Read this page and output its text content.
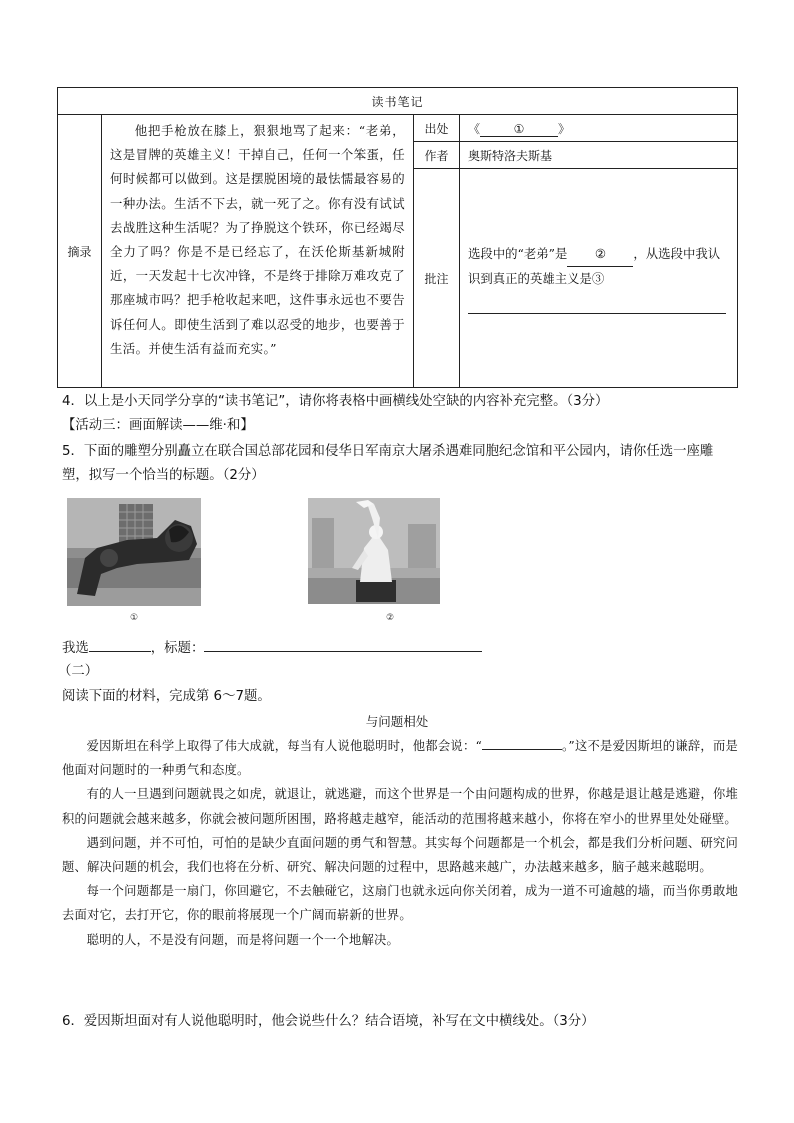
读书笔记			
摘录	他把手枪放在膝上，狠狠地骂了起来：“老弟，这是冒牌的英雄主义！干掉自己，任何一个笨蛋，任何时候都可以做到。这是摆脱困境的最怯懦最容易的一种办法。生活不下去，就一死了之。你有没有试试去战胜这种生活呢？为了挣脱这个铁环，你已经竭尽全力了吗？你是不是已经忘了，在沃伦斯基新城附近，一天发起十七次冲锋，不是终于排除万难攻克了那座城市吗？把手枪收起来吧，这件事永远也不要告诉任何人。即使生活到了难以忍受的地步，也要善于生活。并使生活有益而充实。”	出处	《 ① 》
		作者	奥斯特洛夫斯基
		批注	选段中的“老弟”是 ② ，从选段中我认识到真正的英雄主义是③
4．以上是小天同学分享的“读书笔记”，请你将表格中画横线处空缺的内容补充完整。（3分）
【活动三：画面解读——维·和】
5．下面的雕塑分别矗立在联合国总部花园和侵华日军南京大屠杀遇难同胞纪念馆和平公园内，请你任选一座雕塑，拟写一个恰当的标题。（2分）
①	②
我选	，标题：
（二）
阅读下面的材料，完成第 6～7题。
与问题相处

爱因斯坦在科学上取得了伟大成就，每当有人说他聪明时，他都会说：“	。”这不是爱因斯坦的谦辞，而是他面对问题时的一种勇气和态度。

有的人一旦遇到问题就畏之如虎，就退让，就逃避，而这个世界是一个由问题构成的世界，你越是退让越是逃避，你堆积的问题就会越来越多，你就会被问题所困围，路将越走越窄，能活动的范围将越来越小，你将在窄小的世界里处处碰壁。

遇到问题，并不可怕，可怕的是缺少直面问题的勇气和智慧。其实每个问题都是一个机会，都是我们分析问题、研究问题、解决问题的机会，我们也将在分析、研究、解决问题的过程中，思路越来越广，办法越来越多，脑子越来越聪明。

每一个问题都是一扇门，你回避它，不去触碰它，这扇门也就永远向你关闭着，成为一道不可逾越的墙，而当你勇敢地去面对它，去打开它，你的眼前将展现一个广阔而崭新的世界。

聪明的人，不是没有问题，而是将问题一个一个地解决。

6．爱因斯坦面对有人说他聪明时，他会说些什么？结合语境，补写在文中横线处。（3分）
